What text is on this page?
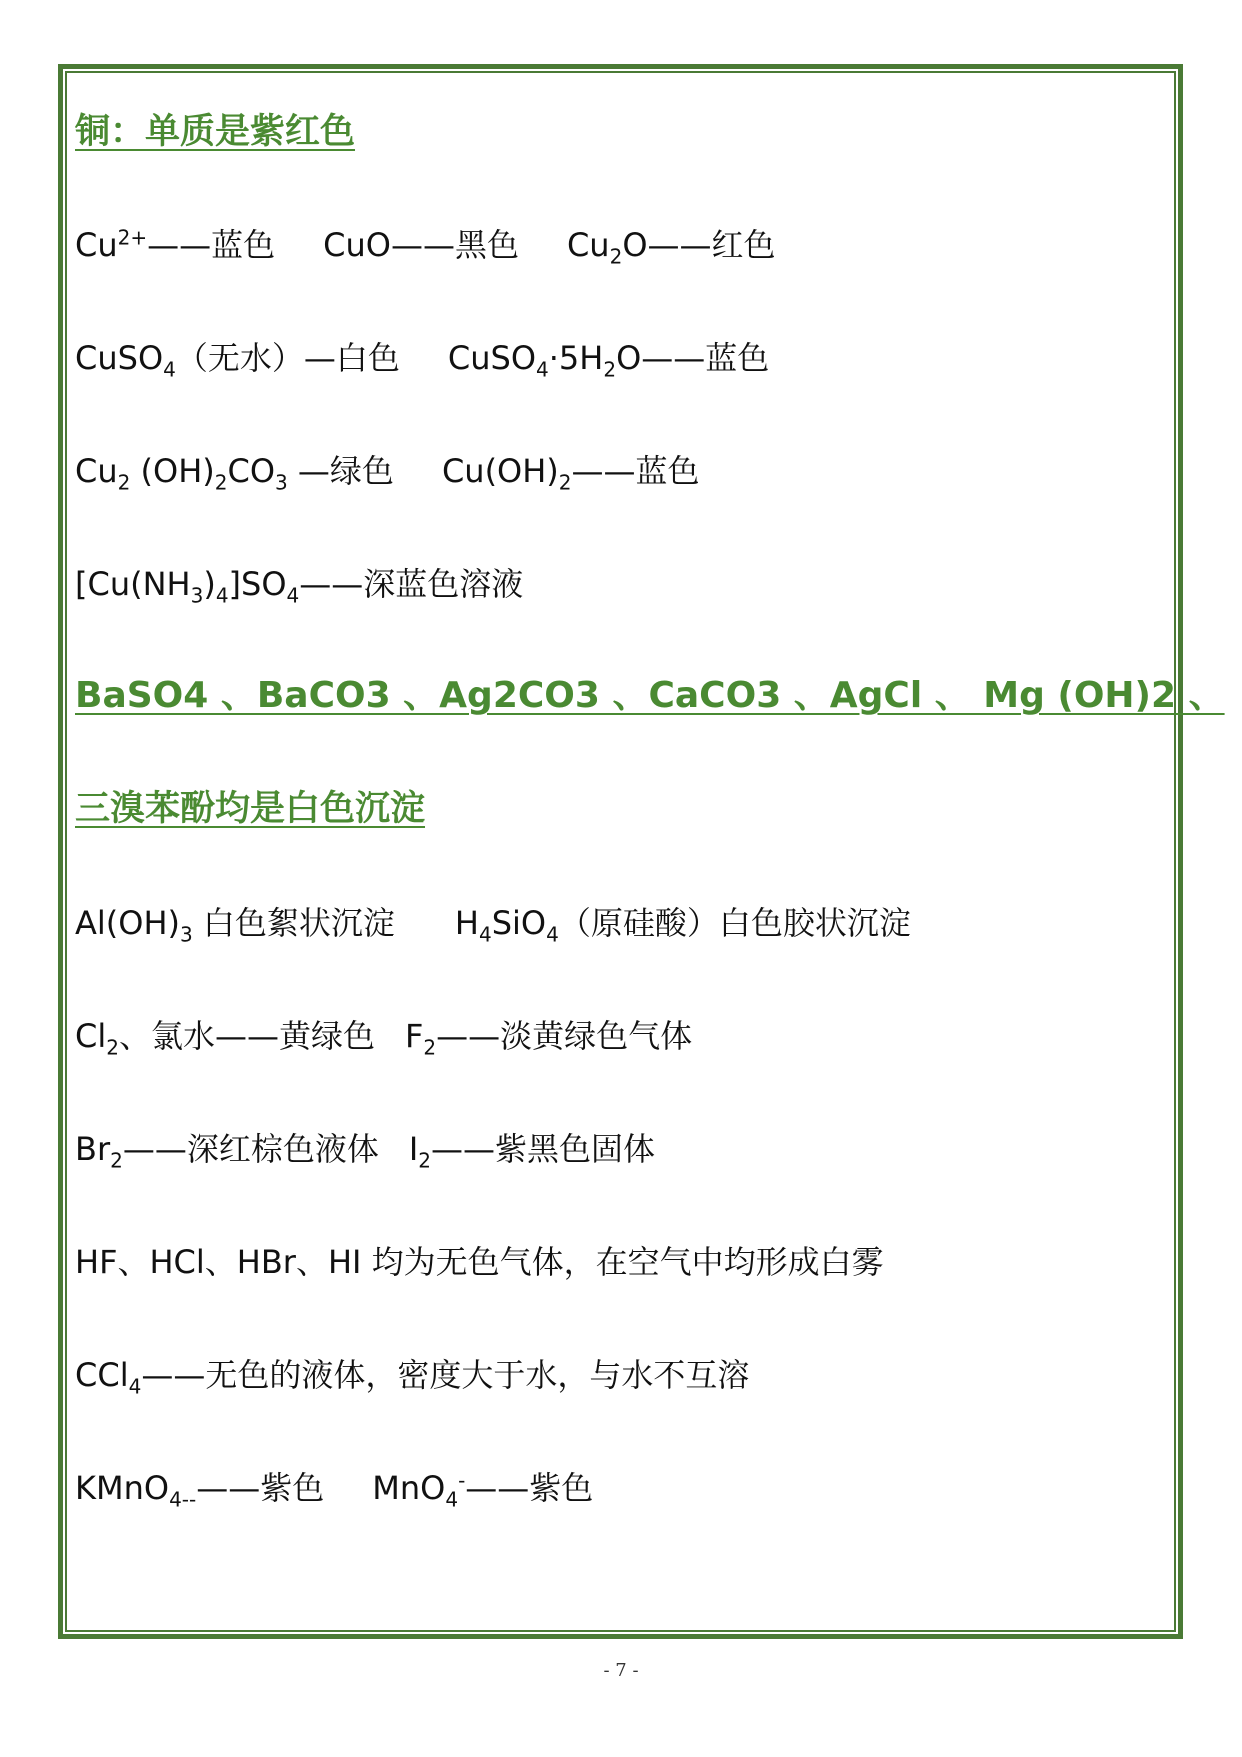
铜：单质是紫红色
$Cu^{2+}——$蓝色 CuO——黑色 $Cu_2O——$红色
CuSO$_4$（无水）—白色 $CuSO_4\cdot 5H_2O——$蓝色
$Cu_2$ $(OH)_2CO_3$ —绿色 $Cu(OH)_2——$蓝色
$[Cu(NH_3)_4]SO_4——$深蓝色溶液
BaSO4 、BaCO3 、Ag2CO3 、CaCO3 、AgCl 、 Mg (OH)2 、
三溴苯酚均是白色沉淀
$Al(OH)_3$ 白色絮状沉淀 $H_4SiO_4$（原硅酸）白色胶状沉淀
$Cl_2$、氯水——黄绿色 $F_2——$淡黄绿色气体
$Br_2——$深红棕色液体 $I_2——$紫黑色固体
HF、HCl、HBr、HI 均为无色气体，在空气中均形成白雾
CCl$_4$——无色的液体，密度大于水，与水不互溶
KMnO$_{4--}$——紫色 MnO$_4$-——紫色
- 7 -
